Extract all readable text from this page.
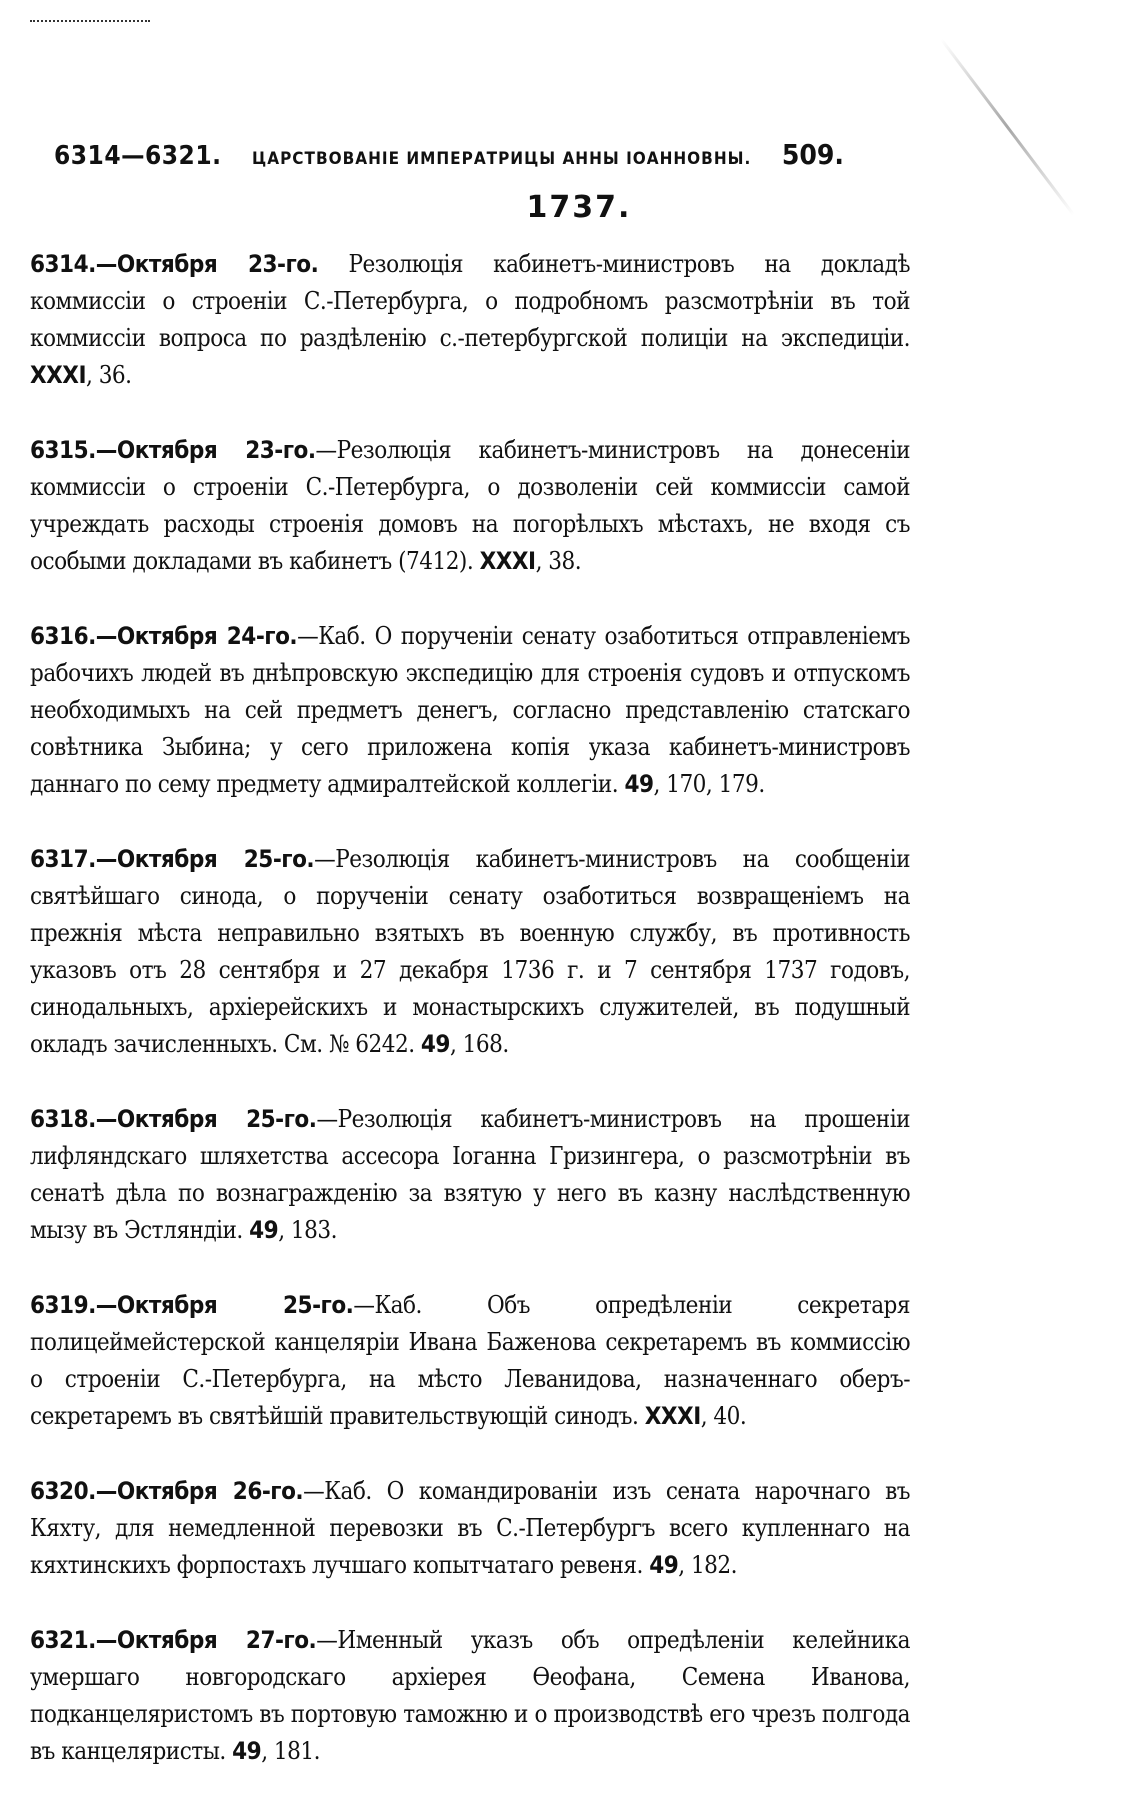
6314—6321. ЦАРСТВОВАНІЕ ИМПЕРАТРИЦЫ АННЫ ІОАННОВНЫ. 509.
1737.

6314.—Октября 23-го. Резолюція кабинетъ-министровъ на докладѣ коммиссіи о строеніи С.-Петербурга, о подробномъ разсмотрѣніи въ той коммиссіи вопроса по раздѣленію с.-петербургской полиціи на экспедиціи. XXXI, 36.

6315.—Октября 23-го.—Резолюція кабинетъ-министровъ на донесеніи коммиссіи о строеніи С.-Петербурга, о дозволеніи сей коммиссіи самой учреждать расходы строенія домовъ на погорѣлыхъ мѣстахъ, не входя съ особыми докладами въ кабинетъ (7412). XXXI, 38.

6316.—Октября 24-го.—Каб. О порученіи сенату озаботиться отправленіемъ рабочихъ людей въ днѣпровскую экспедицію для строенія судовъ и отпускомъ необходимыхъ на сей предметъ денегъ, согласно представленію статскаго совѣтника Зыбина; у сего приложена копія указа кабинетъ-министровъ даннаго по сему предмету адмиралтейской коллегіи. 49, 170, 179.

6317.—Октября 25-го.—Резолюція кабинетъ-министровъ на сообщеніи святѣйшаго синода, о порученіи сенату озаботиться возвращеніемъ на прежнія мѣста неправильно взятыхъ въ военную службу, въ противность указовъ отъ 28 сентября и 27 декабря 1736 г. и 7 сентября 1737 годовъ, синодальныхъ, архіерейскихъ и монастырскихъ служителей, въ подушный окладъ зачисленныхъ. См. № 6242. 49, 168.

6318.—Октября 25-го.—Резолюція кабинетъ-министровъ на прошеніи лифляндскаго шляхетства ассесора Іоганна Гризингера, о разсмотрѣніи въ сенатѣ дѣла по вознагражденію за взятую у него въ казну наслѣдственную мызу въ Эстляндіи. 49, 183.

6319.—Октября 25-го.—Каб. Объ опредѣленіи секретаря полицеймейстерской канцеляріи Ивана Баженова секретаремъ въ коммиссію о строеніи С.-Петербурга, на мѣсто Леванидова, назначеннаго оберъ-секретаремъ въ святѣйшій правительствующій синодъ. XXXI, 40.

6320.—Октября 26-го.—Каб. О командированіи изъ сената нарочнаго въ Кяхту, для немедленной перевозки въ С.-Петербургъ всего купленнаго на кяхтинскихъ форпостахъ лучшаго копытчатаго ревеня. 49, 182.

6321.—Октября 27-го.—Именный указъ объ опредѣленіи келейника умершаго новгородскаго архіерея Ѳеофана, Семена Иванова, подканцеляристомъ въ портовую таможню и о производствѣ его чрезъ полгода въ канцеляристы. 49, 181.
